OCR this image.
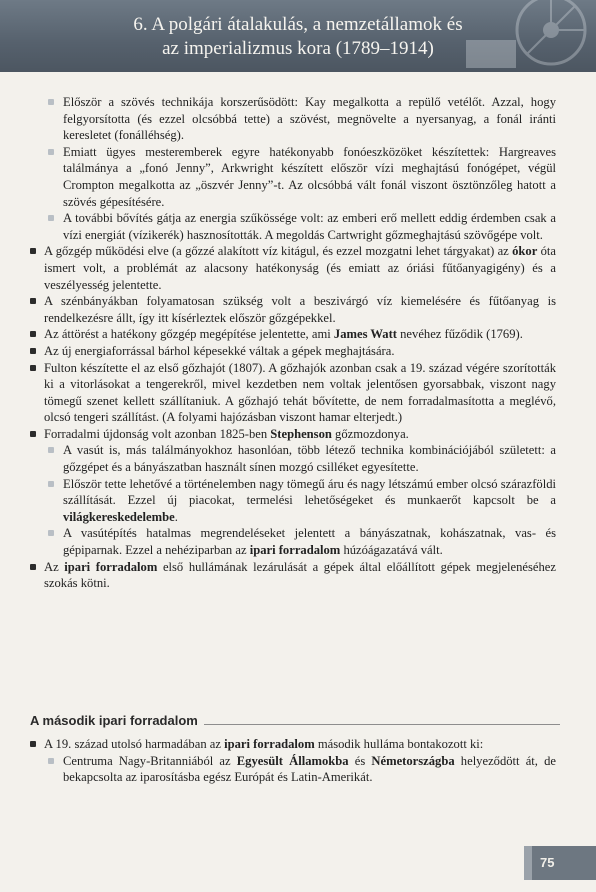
6. A polgári átalakulás, a nemzetállamok és
az imperializmus kora (1789–1914)
Először a szövés technikája korszerűsödött: Kay megalkotta a repülő vetélőt. Azzal, hogy felgyorsította (és ezzel olcsóbbá tette) a szövést, megnövelte a nyersanyag, a fonál iránti keresletet (fonálléhség).
Emiatt ügyes mesteremberek egyre hatékonyabb fonóeszközöket készítettek: Hargreaves találmánya a „fonó Jenny”, Arkwright készített először vízi meghajtású fonógépet, végül Crompton megalkotta az „öszvér Jenny”-t. Az olcsóbbá vált fonál viszont ösztönzőleg hatott a szövés gépesítésére.
A további bővítés gátja az energia szűkössége volt: az emberi erő mellett eddig érdemben csak a vízi energiát (vízikerék) hasznosították. A megoldás Cartwright gőzmeghajtású szövőgépe volt.
A gőzgép működési elve (a gőzzé alakított víz kitágul, és ezzel mozgatni lehet tárgyakat) az ókor óta ismert volt, a problémát az alacsony hatékonyság (és emiatt az óriási fűtőanyagigény) és a veszélyesség jelentette.
A szénbányákban folyamatosan szükség volt a beszivárgó víz kiemelésére és fűtőanyag is rendelkezésre állt, így itt kísérleztek először gőzgépekkel.
Az áttörést a hatékony gőzgép megépítése jelentette, ami James Watt nevéhez fűződik (1769).
Az új energiaforrással bárhol képesekké váltak a gépek meghajtására.
Fulton készítette el az első gőzhajót (1807). A gőzhajók azonban csak a 19. század végére szorították ki a vitorlásokat a tengerekről, mivel kezdetben nem voltak jelentősen gyorsabbak, viszont nagy tömegű szenet kellett szállítaniuk. A gőzhajó tehát bővítette, de nem forradalmasította a meglévő, olcsó tengeri szállítást. (A folyami hajózásban viszont hamar elterjedt.)
Forradalmi újdonság volt azonban 1825-ben Stephenson gőzmozdonya.
A vasút is, más találmányokhoz hasonlóan, több létező technika kombinációjából született: a gőzgépet és a bányászatban használt sínen mozgó csilléket egyesítette.
Először tette lehetővé a történelemben nagy tömegű áru és nagy létszámú ember olcsó szárazföldi szállítását. Ezzel új piacokat, termelési lehetőségeket és munkaerőt kapcsolt be a világkereskedelembe.
A vasútépítés hatalmas megrendeléseket jelentett a bányászatnak, kohászatnak, vas- és gépiparnak. Ezzel a nehéziparban az ipari forradalom húzóágazatává vált.
Az ipari forradalom első hullámának lezárulását a gépek által előállított gépek megjelenéséhez szokás kötni.
A második ipari forradalom
A 19. század utolsó harmadában az ipari forradalom második hulláma bontakozott ki:
Centruma Nagy-Britanniából az Egyesült Államokba és Németországba helyeződött át, de bekapcsolta az iparosításba egész Európát és Latin-Amerikát.
75
